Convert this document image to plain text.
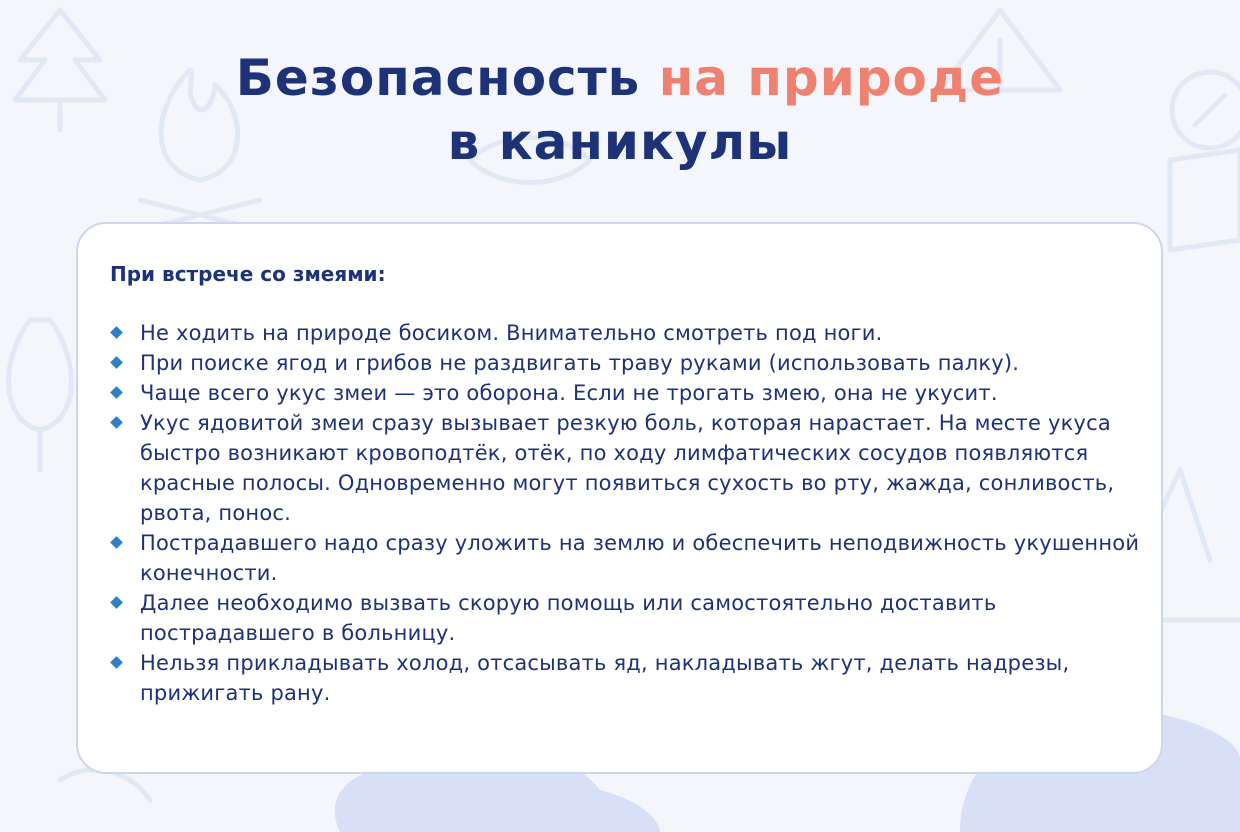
Безопасность на природе
в каникулы
При встрече со змеями:
Не ходить на природе босиком. Внимательно смотреть под ноги.
При поиске ягод и грибов не раздвигать траву руками (использовать палку).
Чаще всего укус змеи — это оборона. Если не трогать змею, она не укусит.
Укус ядовитой змеи сразу вызывает резкую боль, которая нарастает. На месте укуса быстро возникают кровоподтёк, отёк, по ходу лимфатических сосудов появляются красные полосы. Одновременно могут появиться сухость во рту, жажда, сонливость, рвота, понос.
Пострадавшего надо сразу уложить на землю и обеспечить неподвижность укушенной конечности.
Далее необходимо вызвать скорую помощь или самостоятельно доставить пострадавшего в больницу.
Нельзя прикладывать холод, отсасывать яд, накладывать жгут, делать надрезы, прижигать рану.
